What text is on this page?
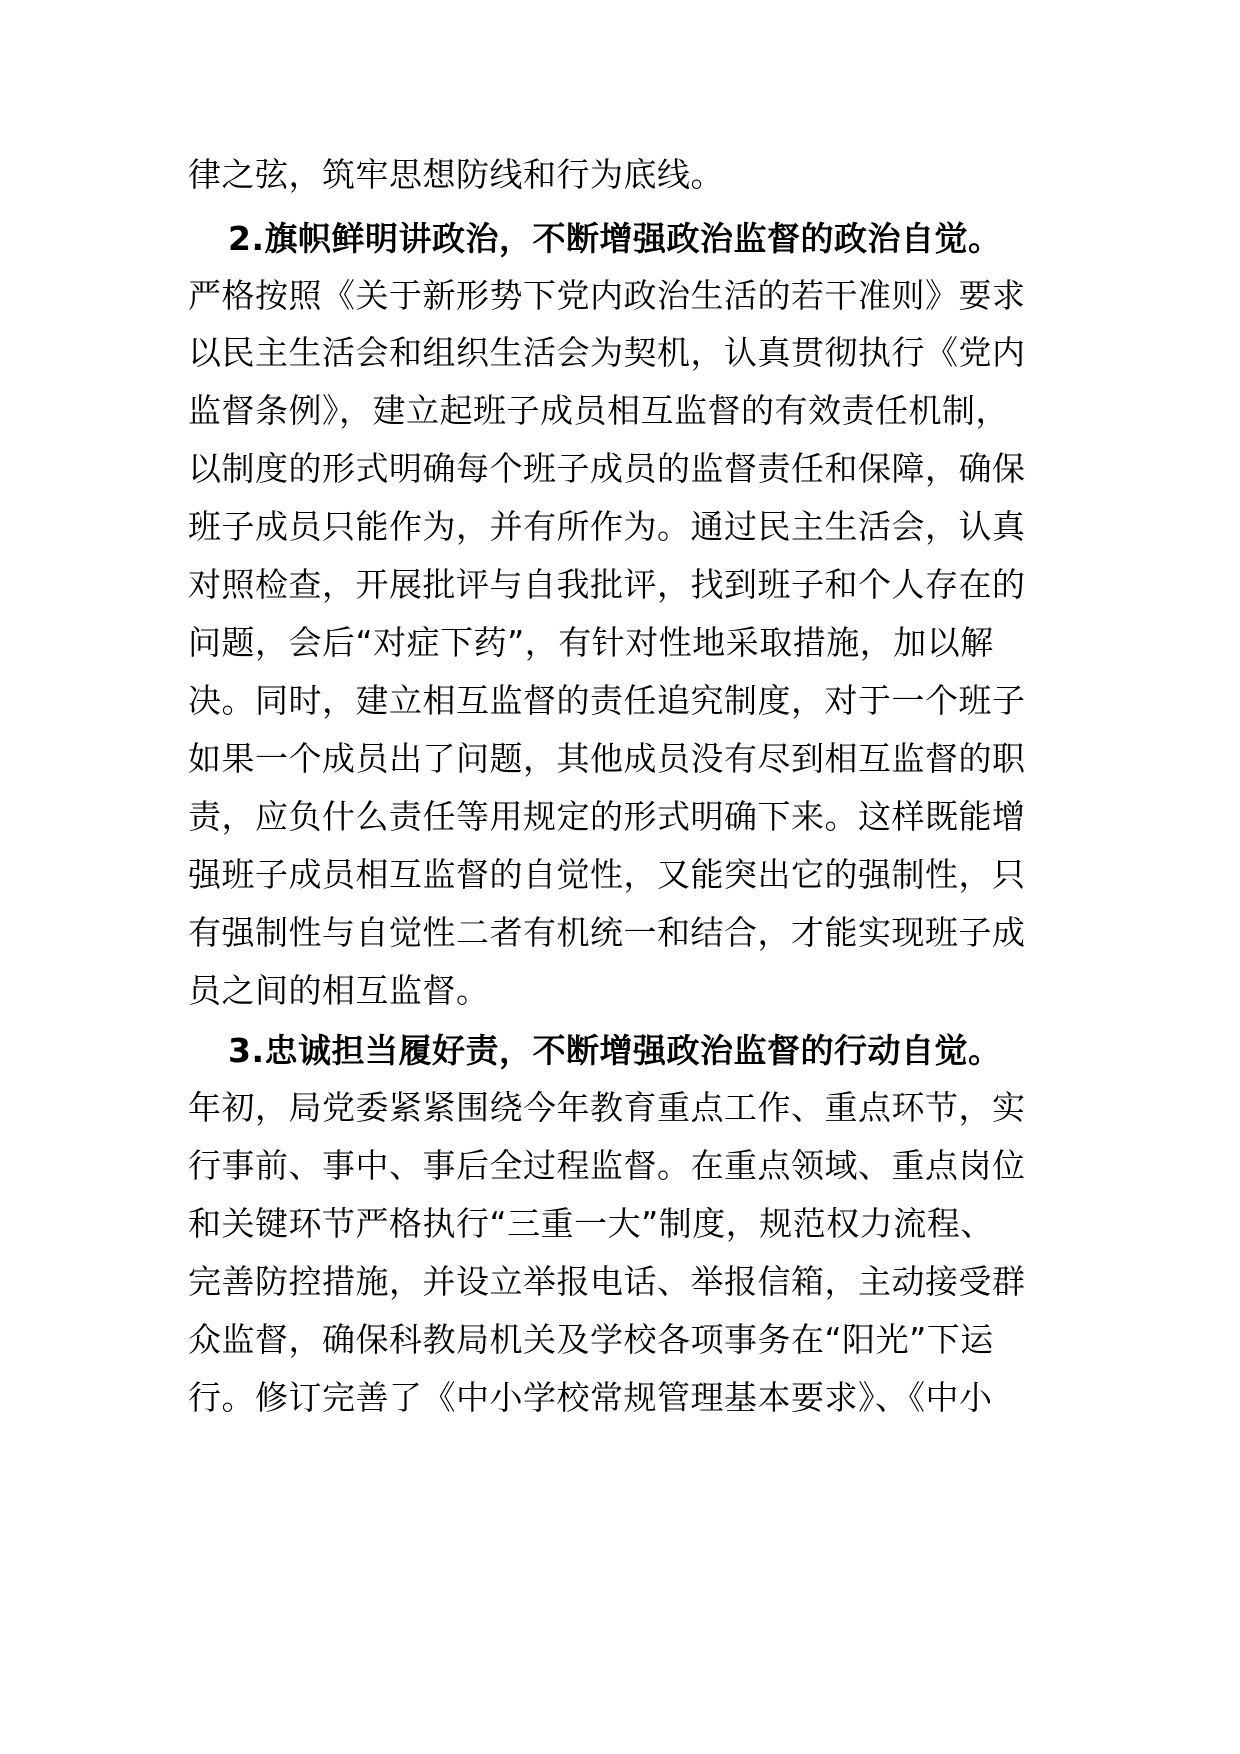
律之弦，筑牢思想防线和行为底线。
2.旗帜鲜明讲政治，不断增强政治监督的政治自觉。
严格按照《关于新形势下党内政治生活的若干准则》要求
以民主生活会和组织生活会为契机，认真贯彻执行《党内
监督条例》，建立起班子成员相互监督的有效责任机制，
以制度的形式明确每个班子成员的监督责任和保障，确保
班子成员只能作为，并有所作为。通过民主生活会，认真
对照检查，开展批评与自我批评，找到班子和个人存在的
问题，会后“对症下药”，有针对性地采取措施，加以解
决。同时，建立相互监督的责任追究制度，对于一个班子
如果一个成员出了问题，其他成员没有尽到相互监督的职
责，应负什么责任等用规定的形式明确下来。这样既能增
强班子成员相互监督的自觉性，又能突出它的强制性，只
有强制性与自觉性二者有机统一和结合，才能实现班子成
员之间的相互监督。
3.忠诚担当履好责，不断增强政治监督的行动自觉。
年初，局党委紧紧围绕今年教育重点工作、重点环节，实
行事前、事中、事后全过程监督。在重点领域、重点岗位
和关键环节严格执行“三重一大”制度，规范权力流程、
完善防控措施，并设立举报电话、举报信箱，主动接受群
众监督，确保科教局机关及学校各项事务在“阳光”下运
行。修订完善了《中小学校常规管理基本要求》、《中小
